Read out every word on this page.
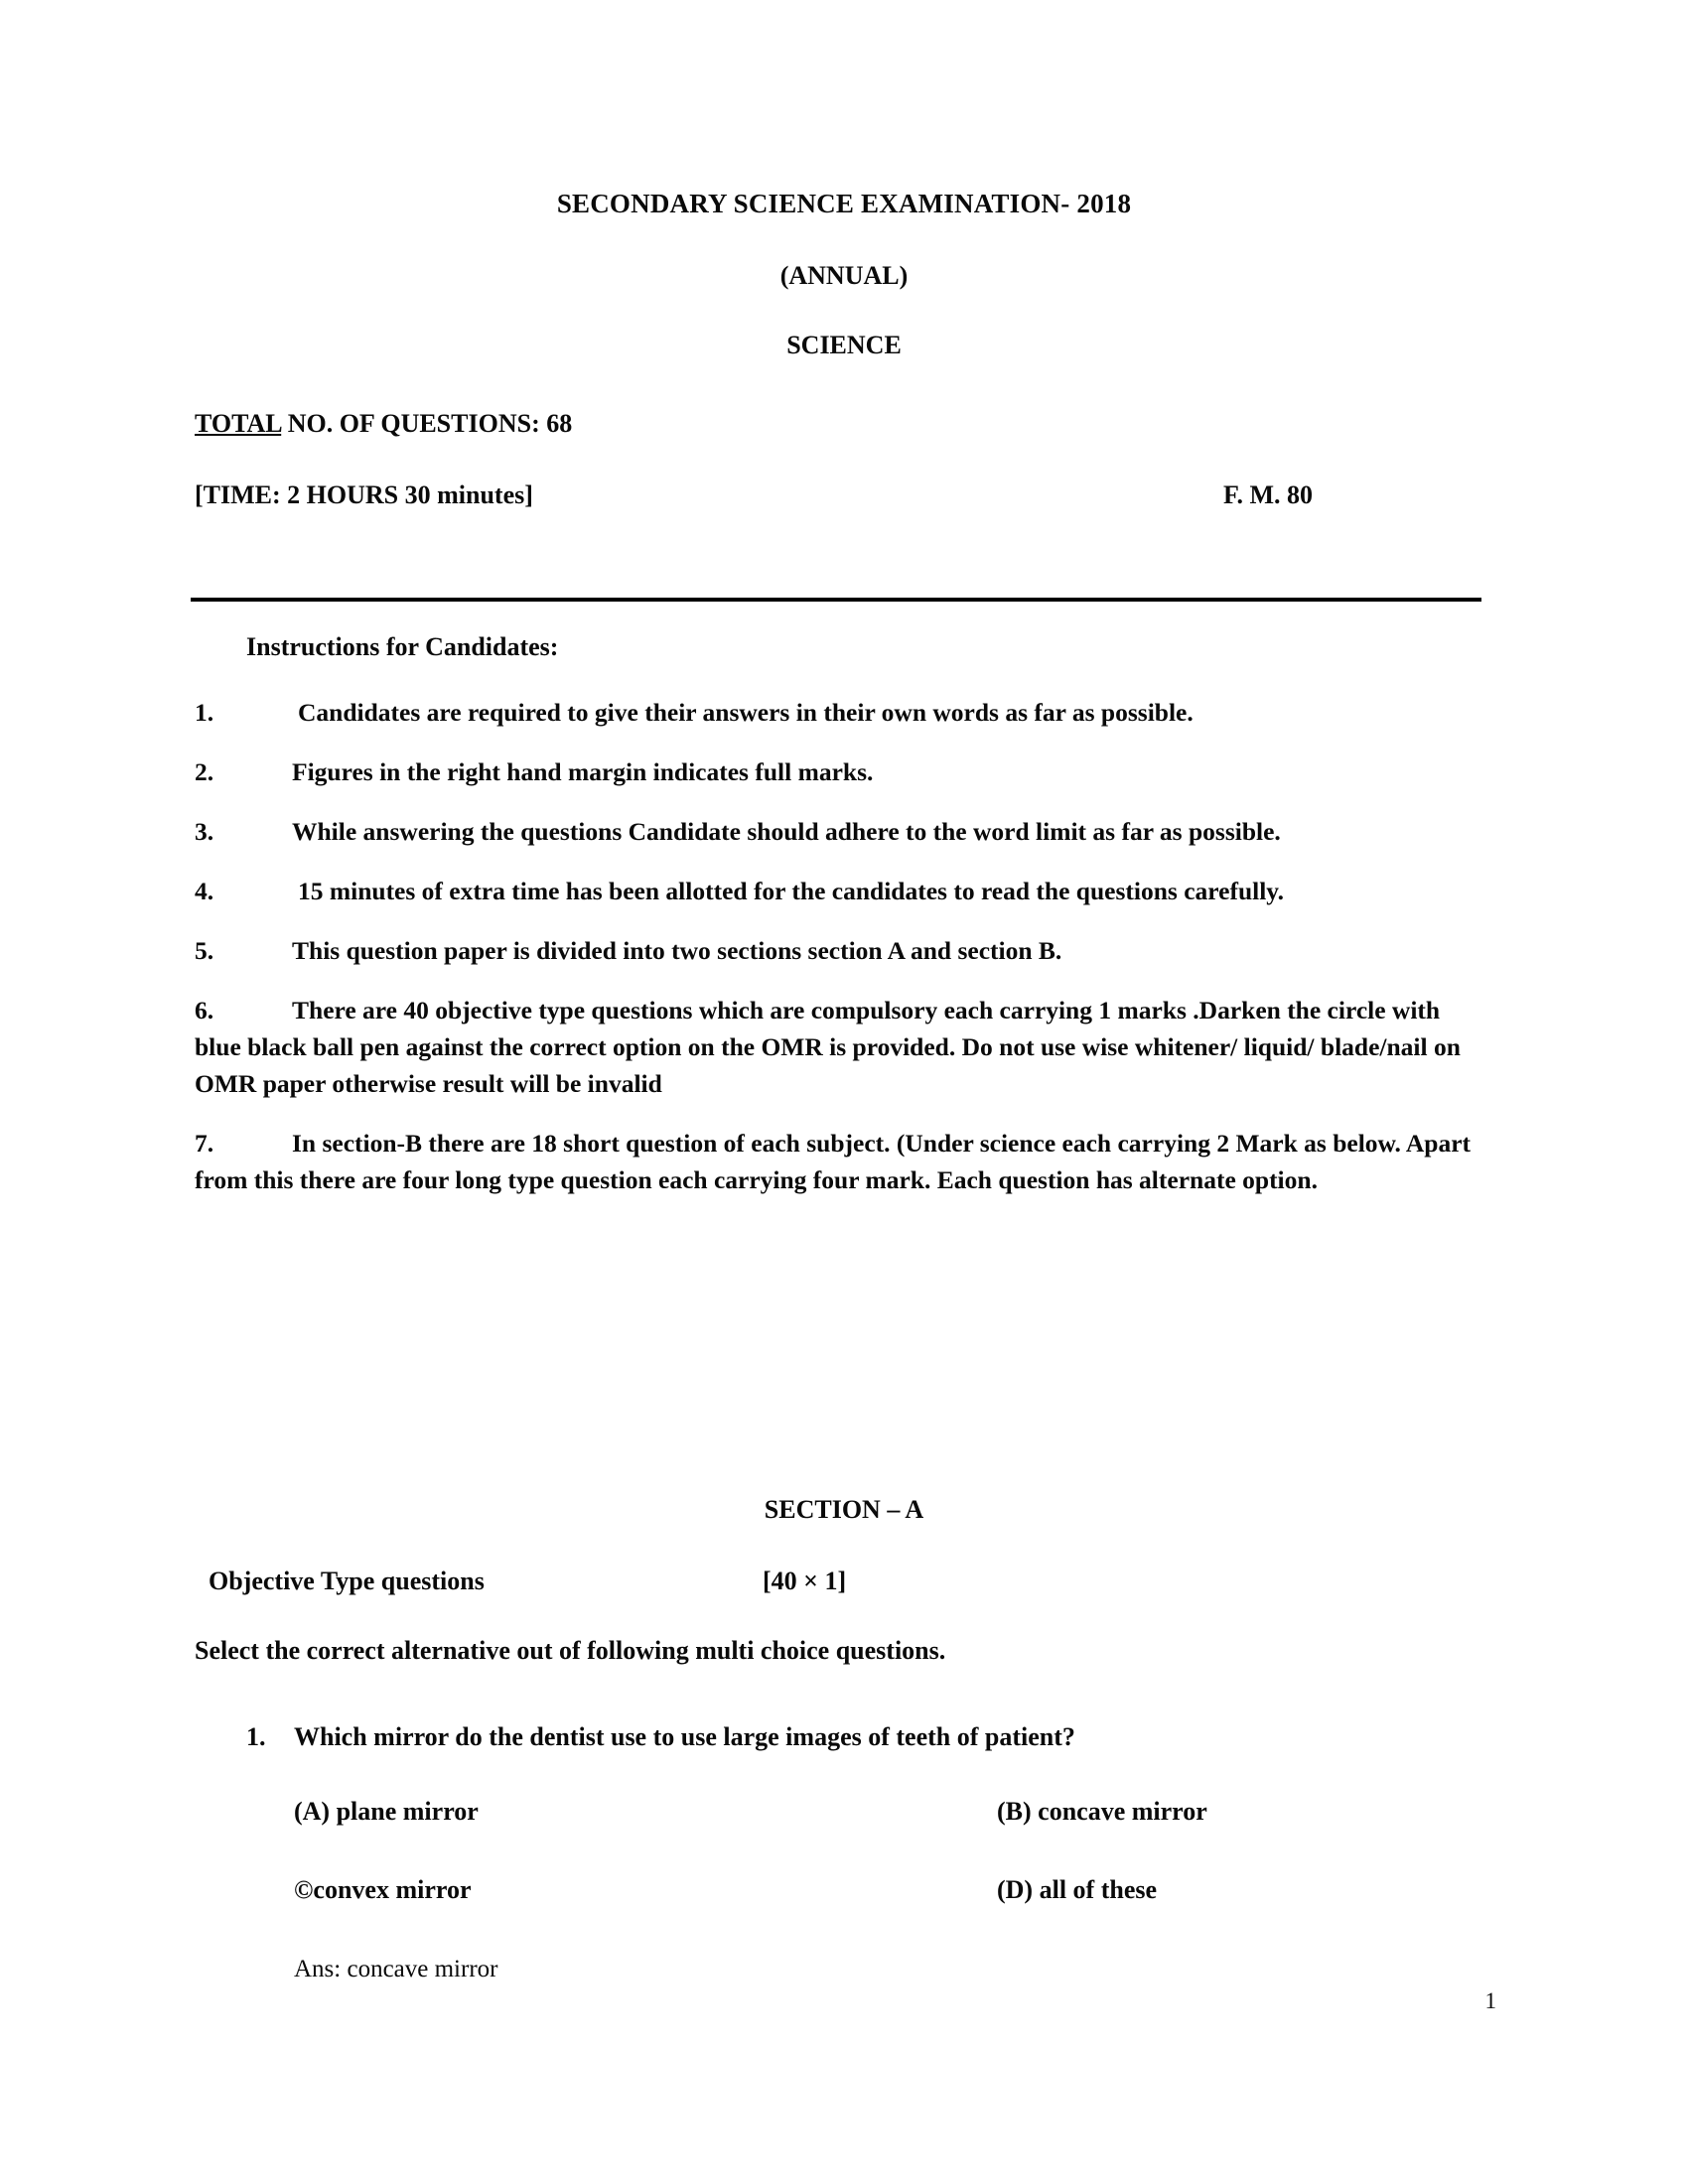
SECONDARY SCIENCE EXAMINATION- 2018
(ANNUAL)
SCIENCE
TOTAL NO. OF QUESTIONS: 68
[TIME: 2 HOURS 30 minutes]	F. M. 80
Instructions for Candidates:
1.	Candidates are required to give their answers in their own words as far as possible.
2.	Figures in the right hand margin indicates full marks.
3.	While answering the questions Candidate should adhere to the word limit as far as possible.
4.	15 minutes of extra time has been allotted for the candidates to read the questions carefully.
5.	This question paper is divided into two sections section A and section B.
6.	There are 40 objective type questions which are compulsory each carrying 1 marks .Darken the circle with blue black ball pen against the correct option on the OMR is provided. Do not use wise whitener/ liquid/ blade/nail on OMR paper otherwise result will be invalid
7.	In section-B there are 18 short question of each subject. (Under science each carrying 2 Mark as below. Apart from this there are four long type question each carrying four mark. Each question has alternate option.
SECTION – A
Objective Type questions	[40 × 1]
Select the correct alternative out of following multi choice questions.
1. Which mirror do the dentist use to use large images of teeth of patient?
(A) plane mirror	(B) concave mirror
©convex mirror	(D) all of these
Ans: concave mirror
1
